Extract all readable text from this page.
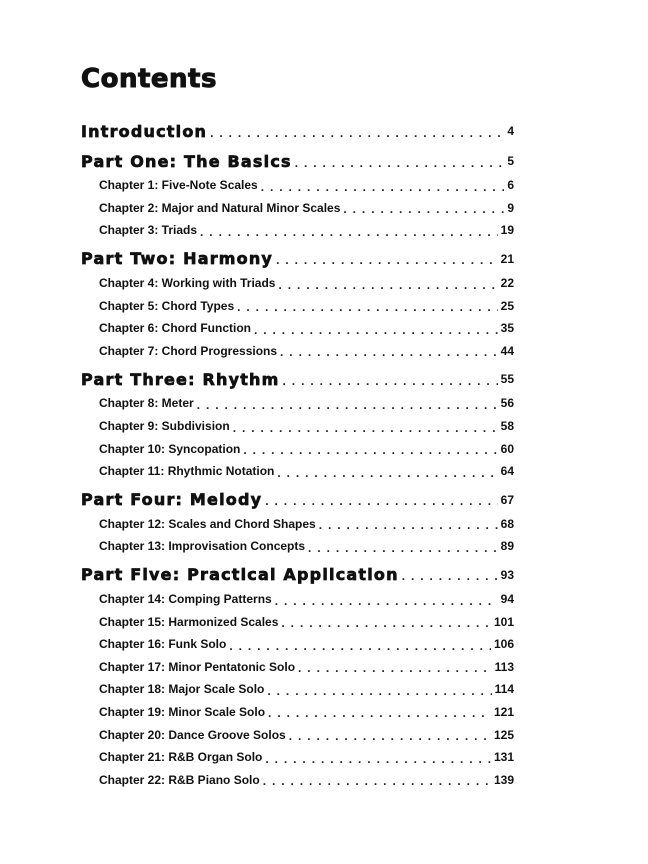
Contents
Introduction . . .	4
Part One: The Basics . . .	5
Chapter 1: Five-Note Scales . . .	6
Chapter 2: Major and Natural Minor Scales . . .	9
Chapter 3: Triads . . .	19
Part Two: Harmony . . .	21
Chapter 4: Working with Triads . . .	22
Chapter 5: Chord Types . . .	25
Chapter 6: Chord Function . . .	35
Chapter 7: Chord Progressions . . .	44
Part Three: Rhythm . . .	55
Chapter 8: Meter . . .	56
Chapter 9: Subdivision . . .	58
Chapter 10: Syncopation . . .	60
Chapter 11: Rhythmic Notation . . .	64
Part Four: Melody . . .	67
Chapter 12: Scales and Chord Shapes . . .	68
Chapter 13: Improvisation Concepts . . .	89
Part Five: Practical Application . . .	93
Chapter 14: Comping Patterns . . .	94
Chapter 15: Harmonized Scales . . .	101
Chapter 16: Funk Solo . . .	106
Chapter 17: Minor Pentatonic Solo . . .	113
Chapter 18: Major Scale Solo . . .	114
Chapter 19: Minor Scale Solo . . .	121
Chapter 20: Dance Groove Solos . . .	125
Chapter 21: R&B Organ Solo . . .	131
Chapter 22: R&B Piano Solo . . .	139
